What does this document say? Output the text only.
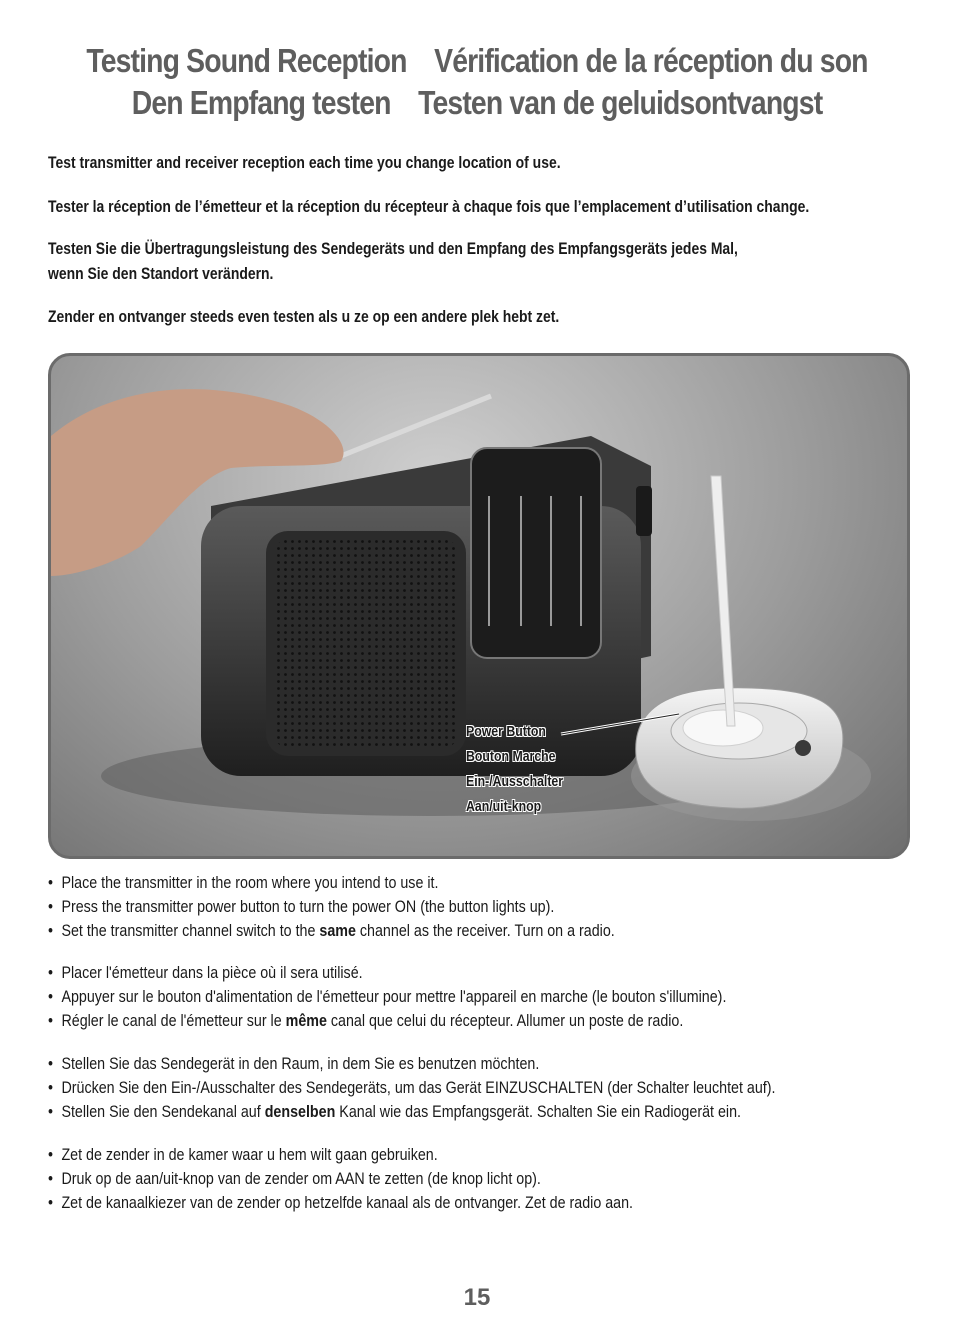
Testing Sound Reception Vérification de la réception du son
Den Empfang testen Testen van de geluidsontvangst
Test transmitter and receiver reception each time you change location of use.
Tester la réception de l’émetteur et la réception du récepteur à chaque fois que l’emplacement d’utilisation change.
Testen Sie die Übertragungsleistung des Sendegeräts und den Empfang des Empfangsgeräts jedes Mal,
wenn Sie den Standort verändern.
Zender en ontvanger steeds even testen als u ze op een andere plek hebt zet.
Power Button
Bouton Marche
Ein-/Ausschalter
Aan/uit-knop
• Place the transmitter in the room where you intend to use it.
• Press the transmitter power button to turn the power ON (the button lights up).
• Set the transmitter channel switch to the same channel as the receiver. Turn on a radio.
• Placer l'émetteur dans la pièce où il sera utilisé.
• Appuyer sur le bouton d'alimentation de l'émetteur pour mettre l'appareil en marche (le bouton s'illumine).
• Régler le canal de l'émetteur sur le même canal que celui du récepteur. Allumer un poste de radio.
• Stellen Sie das Sendegerät in den Raum, in dem Sie es benutzen möchten.
• Drücken Sie den Ein-/Ausschalter des Sendegeräts, um das Gerät EINZUSCHALTEN (der Schalter leuchtet auf).
• Stellen Sie den Sendekanal auf denselben Kanal wie das Empfangsgerät. Schalten Sie ein Radiogerät ein.
• Zet de zender in de kamer waar u hem wilt gaan gebruiken.
• Druk op de aan/uit-knop van de zender om AAN te zetten (de knop licht op).
• Zet de kanaalkiezer van de zender op hetzelfde kanaal als de ontvanger. Zet de radio aan.
15
